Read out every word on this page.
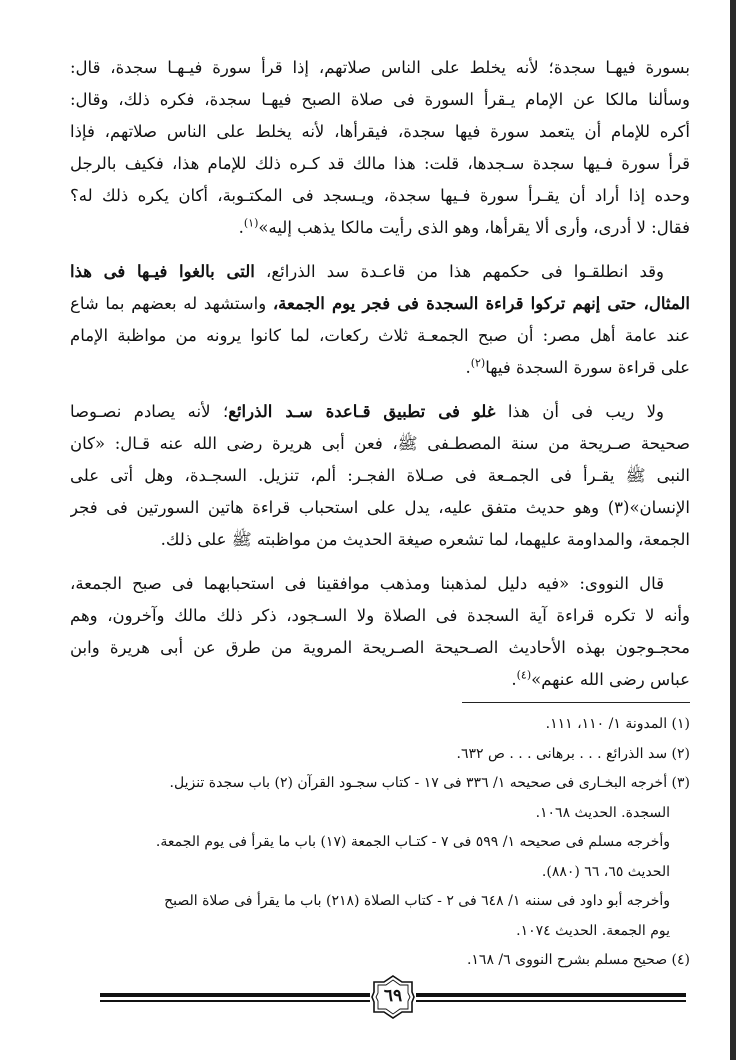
بسورة فيهـا سجدة؛ لأنه يخلط على الناس صلاتهم، إذا قرأ سورة فيـهـا سجدة، قال:
وسألنا مالكا عن الإمام يـقرأ السورة فى صلاة الصبح فيهـا سجدة، فكره ذلك، وقال:
أكره للإمام أن يتعمد سورة فيها سجدة، فيقرأها، لأنه يخلط على الناس صلاتهم، فإذا
قرأ سورة فـيها سجدة سـجدها، قلت: هذا مالك قد كـره ذلك للإمام هذا، فكيف بالرجل
وحده إذا أراد أن يقـرأ سورة فـيها سجدة، ويـسجد فى المكتـوبة، أكان يكره ذلك له؟
فقال: لا أدرى، وأرى ألا يقرأها، وهو الذى رأيت مالكا يذهب إليه»$^{(١)}$.
وقد انطلقـوا فى حكمهم هذا من قاعـدة سد الذرائع، التى بالغوا فيـها فى هذا
المثال، حتى إنهم تركوا قراءة السجدة فى فجر يوم الجمعة، واستشهد له بعضهم بما شاع
عند عامة أهل مصر: أن صبح الجمعـة ثلاث ركعات، لما كانوا يرونه من مواظبة الإمام
على قراءة سورة السجدة فيها$^{(٢)}$.
ولا ريب فى أن هذا غلو فى تطبيق قـاعدة سـد الذرائع؛ لأنه يصادم نصـوصا
صحيحة صـريحة من سنة المصطـفى ﷺ، فعن أبى هريرة رضى الله عنه قـال: «كان
النبى ﷺ يقـرأ فى الجمـعة فى صـلاة الفجـر: ألم، تنزيل. السجـدة، وهل أتى على
الإنسان»(٣) وهو حديث متفق عليه، يدل على استحباب قراءة هاتين السورتين فى فجر
الجمعة، والمداومة عليهما، لما تشعره صيغة الحديث من مواظبته ﷺ على ذلك.
قال النووى: «فيه دليل لمذهبنا ومذهب موافقينا فى استحبابهما فى صبح الجمعة،
وأنه لا تكره قراءة آية السجدة فى الصلاة ولا السـجود، ذكر ذلك مالك وآخرون، وهم
محجـوجون بهذه الأحاديث الصـحيحة الصـريحة المروية من طرق عن أبى هريرة وابن
عباس رضى الله عنهم»$^{(٤)}$.
(١) المدونة ١/ ١١٠، ١١١.
(٢) سد الذرائع . . . برهانى . . . ص ٦٣٢.
(٣) أخرجه البخـارى فى صحيحه ١/ ٣٣٦ فى ١٧ - كتاب سجـود القرآن (٢) باب سجدة تنزيل.
السجدة. الحديث ١٠٦٨.
وأخرجه مسلم فى صحيحه ١/ ٥٩٩ فى ٧ - كتـاب الجمعة (١٧) باب ما يقرأ فى يوم الجمعة.
الحديث ٦٥، ٦٦ (٨٨٠).
وأخرجه أبو داود فى سننه ١/ ٦٤٨ فى ٢ - كتاب الصلاة (٢١٨) باب ما يقرأ فى صلاة الصبح
يوم الجمعة. الحديث ١٠٧٤.
(٤) صحيح مسلم بشرح النووى ٦/ ١٦٨.
٦٩
